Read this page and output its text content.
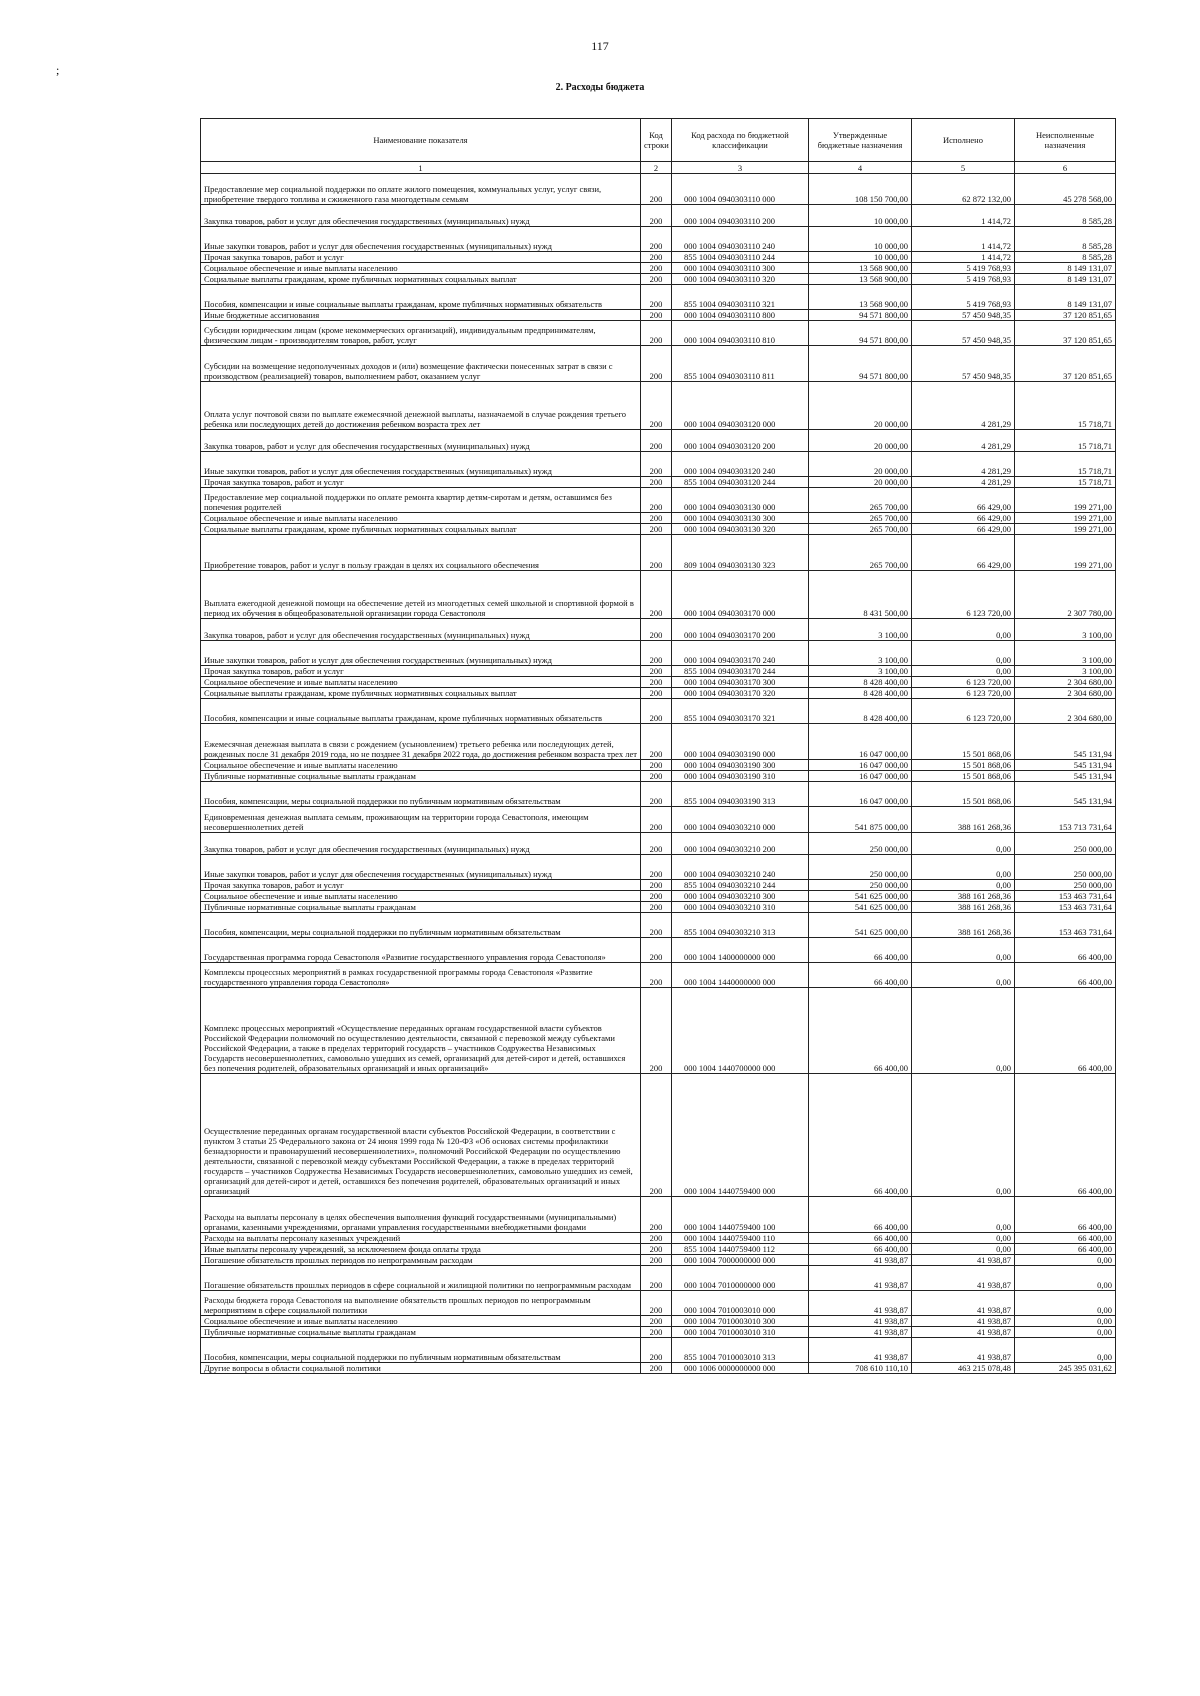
117
;
2. Расходы бюджета
Наименование показателя	Код строки	Код расхода по бюджетной классификации	Утвержденные бюджетные назначения	Исполнено	Неисполненные назначения
1	2	3	4	5	6
Предоставление мер социальной поддержки по оплате жилого помещения, коммунальных услуг, услуг связи, приобретение твердого топлива и сжиженного газа многодетным семьям	200	000 1004 0940303110 000	108 150 700,00	62 872 132,00	45 278 568,00
Закупка товаров, работ и услуг для обеспечения государственных (муниципальных) нужд	200	000 1004 0940303110 200	10 000,00	1 414,72	8 585,28
Иные закупки товаров, работ и услуг для обеспечения государственных (муниципальных) нужд	200	000 1004 0940303110 240	10 000,00	1 414,72	8 585,28
Прочая закупка товаров, работ и услуг	200	855 1004 0940303110 244	10 000,00	1 414,72	8 585,28
Социальное обеспечение и иные выплаты населению	200	000 1004 0940303110 300	13 568 900,00	5 419 768,93	8 149 131,07
Социальные выплаты гражданам, кроме публичных нормативных социальных выплат	200	000 1004 0940303110 320	13 568 900,00	5 419 768,93	8 149 131,07
Пособия, компенсации и иные социальные выплаты гражданам, кроме публичных нормативных обязательств	200	855 1004 0940303110 321	13 568 900,00	5 419 768,93	8 149 131,07
Иные бюджетные ассигнования	200	000 1004 0940303110 800	94 571 800,00	57 450 948,35	37 120 851,65
Субсидии юридическим лицам (кроме некоммерческих организаций), индивидуальным предпринимателям, физическим лицам - производителям товаров, работ, услуг	200	000 1004 0940303110 810	94 571 800,00	57 450 948,35	37 120 851,65
Субсидии на возмещение недополученных доходов и (или) возмещение фактически понесенных затрат в связи с производством (реализацией) товаров, выполнением работ, оказанием услуг	200	855 1004 0940303110 811	94 571 800,00	57 450 948,35	37 120 851,65
Оплата услуг почтовой связи по выплате ежемесячной денежной выплаты, назначаемой в случае рождения третьего ребенка или последующих детей до достижения ребенком возраста трех лет	200	000 1004 0940303120 000	20 000,00	4 281,29	15 718,71
Закупка товаров, работ и услуг для обеспечения государственных (муниципальных) нужд	200	000 1004 0940303120 200	20 000,00	4 281,29	15 718,71
Иные закупки товаров, работ и услуг для обеспечения государственных (муниципальных) нужд	200	000 1004 0940303120 240	20 000,00	4 281,29	15 718,71
Прочая закупка товаров, работ и услуг	200	855 1004 0940303120 244	20 000,00	4 281,29	15 718,71
Предоставление мер социальной поддержки по оплате ремонта квартир детям-сиротам и детям, оставшимся без попечения родителей	200	000 1004 0940303130 000	265 700,00	66 429,00	199 271,00
Социальное обеспечение и иные выплаты населению	200	000 1004 0940303130 300	265 700,00	66 429,00	199 271,00
Социальные выплаты гражданам, кроме публичных нормативных социальных выплат	200	000 1004 0940303130 320	265 700,00	66 429,00	199 271,00
Приобретение товаров, работ и услуг в пользу граждан в целях их социального обеспечения	200	809 1004 0940303130 323	265 700,00	66 429,00	199 271,00
Выплата ежегодной денежной помощи на обеспечение детей из многодетных семей школьной и спортивной формой в период их обучения в общеобразовательной организации города Севастополя	200	000 1004 0940303170 000	8 431 500,00	6 123 720,00	2 307 780,00
Закупка товаров, работ и услуг для обеспечения государственных (муниципальных) нужд	200	000 1004 0940303170 200	3 100,00	0,00	3 100,00
Иные закупки товаров, работ и услуг для обеспечения государственных (муниципальных) нужд	200	000 1004 0940303170 240	3 100,00	0,00	3 100,00
Прочая закупка товаров, работ и услуг	200	855 1004 0940303170 244	3 100,00	0,00	3 100,00
Социальное обеспечение и иные выплаты населению	200	000 1004 0940303170 300	8 428 400,00	6 123 720,00	2 304 680,00
Социальные выплаты гражданам, кроме публичных нормативных социальных выплат	200	000 1004 0940303170 320	8 428 400,00	6 123 720,00	2 304 680,00
Пособия, компенсации и иные социальные выплаты гражданам, кроме публичных нормативных обязательств	200	855 1004 0940303170 321	8 428 400,00	6 123 720,00	2 304 680,00
Ежемесячная денежная выплата в связи с рождением (усыновлением) третьего ребенка или последующих детей, рожденных после 31 декабря 2019 года, но не позднее 31 декабря 2022 года, до достижения ребенком возраста трех лет	200	000 1004 0940303190 000	16 047 000,00	15 501 868,06	545 131,94
Социальное обеспечение и иные выплаты населению	200	000 1004 0940303190 300	16 047 000,00	15 501 868,06	545 131,94
Публичные нормативные социальные выплаты гражданам	200	000 1004 0940303190 310	16 047 000,00	15 501 868,06	545 131,94
Пособия, компенсации, меры социальной поддержки по публичным нормативным обязательствам	200	855 1004 0940303190 313	16 047 000,00	15 501 868,06	545 131,94
Единовременная денежная выплата семьям, проживающим на территории города Севастополя, имеющим несовершеннолетних детей	200	000 1004 0940303210 000	541 875 000,00	388 161 268,36	153 713 731,64
Закупка товаров, работ и услуг для обеспечения государственных (муниципальных) нужд	200	000 1004 0940303210 200	250 000,00	0,00	250 000,00
Иные закупки товаров, работ и услуг для обеспечения государственных (муниципальных) нужд	200	000 1004 0940303210 240	250 000,00	0,00	250 000,00
Прочая закупка товаров, работ и услуг	200	855 1004 0940303210 244	250 000,00	0,00	250 000,00
Социальное обеспечение и иные выплаты населению	200	000 1004 0940303210 300	541 625 000,00	388 161 268,36	153 463 731,64
Публичные нормативные социальные выплаты гражданам	200	000 1004 0940303210 310	541 625 000,00	388 161 268,36	153 463 731,64
Пособия, компенсации, меры социальной поддержки по публичным нормативным обязательствам	200	855 1004 0940303210 313	541 625 000,00	388 161 268,36	153 463 731,64
Государственная программа города Севастополя «Развитие государственного управления города Севастополя»	200	000 1004 1400000000 000	66 400,00	0,00	66 400,00
Комплексы процессных мероприятий в рамках государственной программы города Севастополя «Развитие государственного управления города Севастополя»	200	000 1004 1440000000 000	66 400,00	0,00	66 400,00
Комплекс процессных мероприятий «Осуществление переданных органам государственной власти субъектов Российской Федерации полномочий по осуществлению деятельности, связанной с перевозкой между субъектами Российской Федерации, а также в пределах территорий государств – участников Содружества Независимых Государств несовершеннолетних, самовольно ушедших из семей, организаций для детей-сирот и детей, оставшихся без попечения родителей, образовательных организаций и иных организаций»	200	000 1004 1440700000 000	66 400,00	0,00	66 400,00
Осуществление переданных органам государственной власти субъектов Российской Федерации, в соответствии с пунктом 3 статьи 25 Федерального закона от 24 июня 1999 года № 120-ФЗ «Об основах системы профилактики безнадзорности и правонарушений несовершеннолетних», полномочий Российской Федерации по осуществлению деятельности, связанной с перевозкой между субъектами Российской Федерации, а также в пределах территорий государств – участников Содружества Независимых Государств несовершеннолетних, самовольно ушедших из семей, организаций для детей-сирот и детей, оставшихся без попечения родителей, образовательных организаций и иных организаций	200	000 1004 1440759400 000	66 400,00	0,00	66 400,00
Расходы на выплаты персоналу в целях обеспечения выполнения функций государственными (муниципальными) органами, казенными учреждениями, органами управления государственными внебюджетными фондами	200	000 1004 1440759400 100	66 400,00	0,00	66 400,00
Расходы на выплаты персоналу казенных учреждений	200	000 1004 1440759400 110	66 400,00	0,00	66 400,00
Иные выплаты персоналу учреждений, за исключением фонда оплаты труда	200	855 1004 1440759400 112	66 400,00	0,00	66 400,00
Погашение обязательств прошлых периодов по непрограммным расходам	200	000 1004 7000000000 000	41 938,87	41 938,87	0,00
Погашение обязательств прошлых периодов в сфере социальной и жилищной политики по непрограммным расходам	200	000 1004 7010000000 000	41 938,87	41 938,87	0,00
Расходы бюджета города Севастополя на выполнение обязательств прошлых периодов по непрограммным мероприятиям в сфере социальной политики	200	000 1004 7010003010 000	41 938,87	41 938,87	0,00
Социальное обеспечение и иные выплаты населению	200	000 1004 7010003010 300	41 938,87	41 938,87	0,00
Публичные нормативные социальные выплаты гражданам	200	000 1004 7010003010 310	41 938,87	41 938,87	0,00
Пособия, компенсации, меры социальной поддержки по публичным нормативным обязательствам	200	855 1004 7010003010 313	41 938,87	41 938,87	0,00
Другие вопросы в области социальной политики	200	000 1006 0000000000 000	708 610 110,10	463 215 078,48	245 395 031,62
